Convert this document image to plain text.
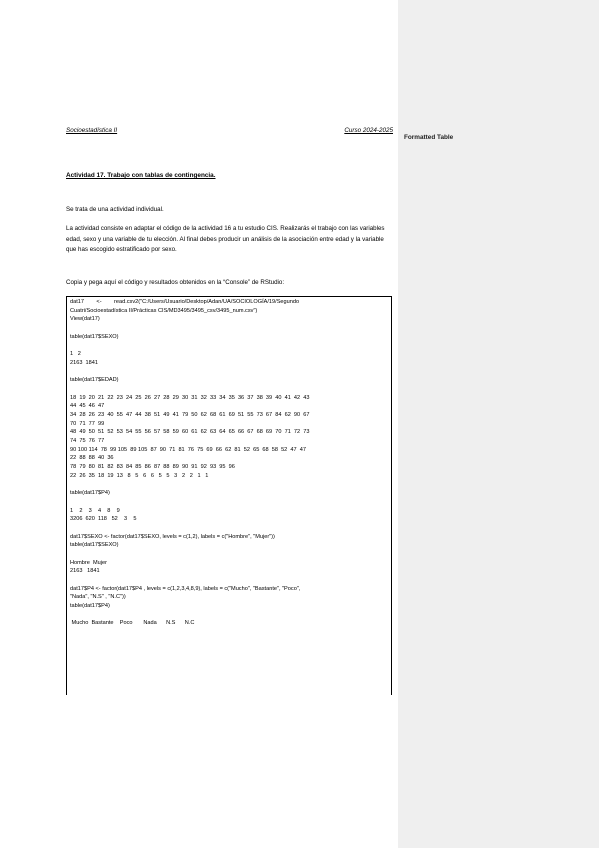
Formatted Table
Socioestadística II	Curso 2024-2025
Actividad 17. Trabajo con tablas de contingencia.
Se trata de una actividad individual.
La actividad consiste en adaptar el código de la actividad 16 a tu estudio CIS. Realizarás el trabajo con las variables edad, sexo y una variable de tu elección. Al final debes producir un análisis de la asociación entre edad y la variable que has escogido estratificado por sexo.
Copia y pega aquí el código y resultados obtenidos en la “Console” de RStudio:
dat17        <-        read.csv2("C:/Users/Usuario/Desktop/Adan/UA/SOCIOLOGÍA/19/Segundo
Cuatri/Socioestadística II/Prácticas CIS/MD3495/3495_csv/3495_num.csv")
View(dat17)
table(dat17$SEXO)
1   2
2163  1841
table(dat17$EDAD)
18  19  20  21  22  23  24  25  26  27  28  29  30  31  32  33  34  35  36  37  38  39  40  41  42  43
44  45  46  47
34  28  26  23  40  55  47  44  38  51  49  41  79  50  62  68  61  69  51  55  73  67  84  62  90  67
70  71  77  99
48  49  50  51  52  53  54  55  56  57  58  59  60  61  62  63  64  65  66  67  68  69  70  71  72  73
74  75  76  77
90 100 114  78  99 105  89 105  87  90  71  81  76  75  69  66  62  81  52  65  68  58  52  47  47
22  88  88  40  36
78  79  80  81  82  83  84  85  86  87  88  89  90  91  92  93  95  96
22  26  35  18  19  13   8   5   6   6   5   5   3   2   2   1   1
table(dat17$P4)
1    2    3    4    8    9
3206  620  118   52    3    5
dat17$SEXO <- factor(dat17$SEXO, levels = c(1,2), labels = c("Hombre", "Mujer"))
table(dat17$SEXO)
Hombre  Mujer
2163   1841
dat17$P4 <- factor(dat17$P4 , levels = c(1,2,3,4,8,9), labels = c("Mucho", "Bastante", "Poco",
"Nada", "N.S" , "N.C"))
table(dat17$P4)
Mucho  Bastante    Poco       Nada      N.S      N.C
